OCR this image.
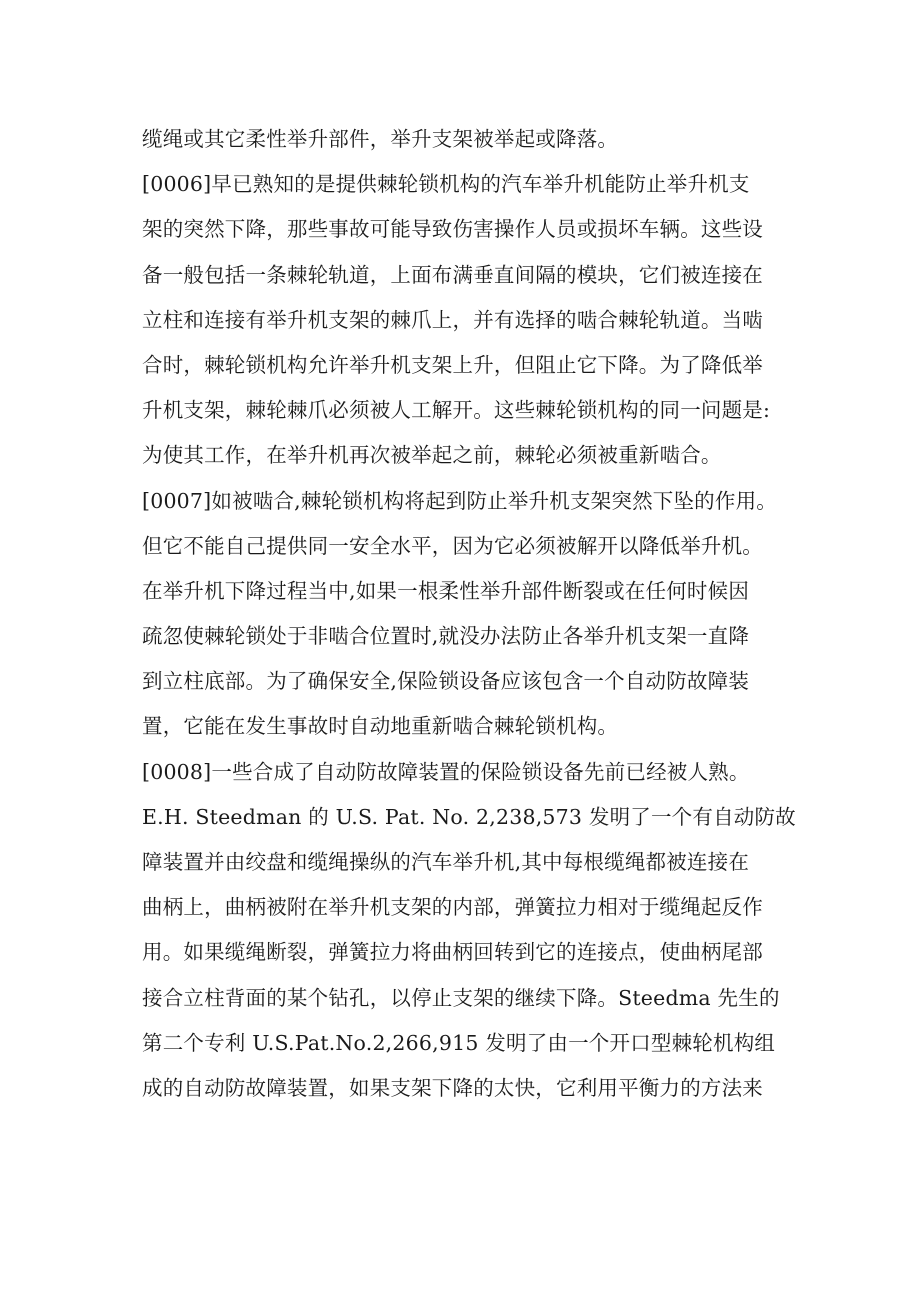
缆绳或其它柔性举升部件，举升支架被举起或降落。
[0006]早已熟知的是提供棘轮锁机构的汽车举升机能防止举升机支
架的突然下降，那些事故可能导致伤害操作人员或损坏车辆。这些设
备一般包括一条棘轮轨道，上面布满垂直间隔的模块，它们被连接在
立柱和连接有举升机支架的棘爪上，并有选择的啮合棘轮轨道。当啮
合时，棘轮锁机构允许举升机支架上升，但阻止它下降。为了降低举
升机支架，棘轮棘爪必须被人工解开。这些棘轮锁机构的同一问题是:
为使其工作，在举升机再次被举起之前，棘轮必须被重新啮合。
[0007]如被啮合,棘轮锁机构将起到防止举升机支架突然下坠的作用。
但它不能自己提供同一安全水平，因为它必须被解开以降低举升机。
在举升机下降过程当中,如果一根柔性举升部件断裂或在任何时候因
疏忽使棘轮锁处于非啮合位置时,就没办法防止各举升机支架一直降
到立柱底部。为了确保安全,保险锁设备应该包含一个自动防故障装
置，它能在发生事故时自动地重新啮合棘轮锁机构。
[0008]一些合成了自动防故障装置的保险锁设备先前已经被人熟。
E.H. Steedman 的 U.S. Pat. No. 2,238,573 发明了一个有自动防故
障装置并由绞盘和缆绳操纵的汽车举升机,其中每根缆绳都被连接在
曲柄上，曲柄被附在举升机支架的内部，弹簧拉力相对于缆绳起反作
用。如果缆绳断裂，弹簧拉力将曲柄回转到它的连接点，使曲柄尾部
接合立柱背面的某个钻孔，以停止支架的继续下降。Steedma 先生的
第二个专利 U.S.Pat.No.2,266,915 发明了由一个开口型棘轮机构组
成的自动防故障装置，如果支架下降的太快，它利用平衡力的方法来
